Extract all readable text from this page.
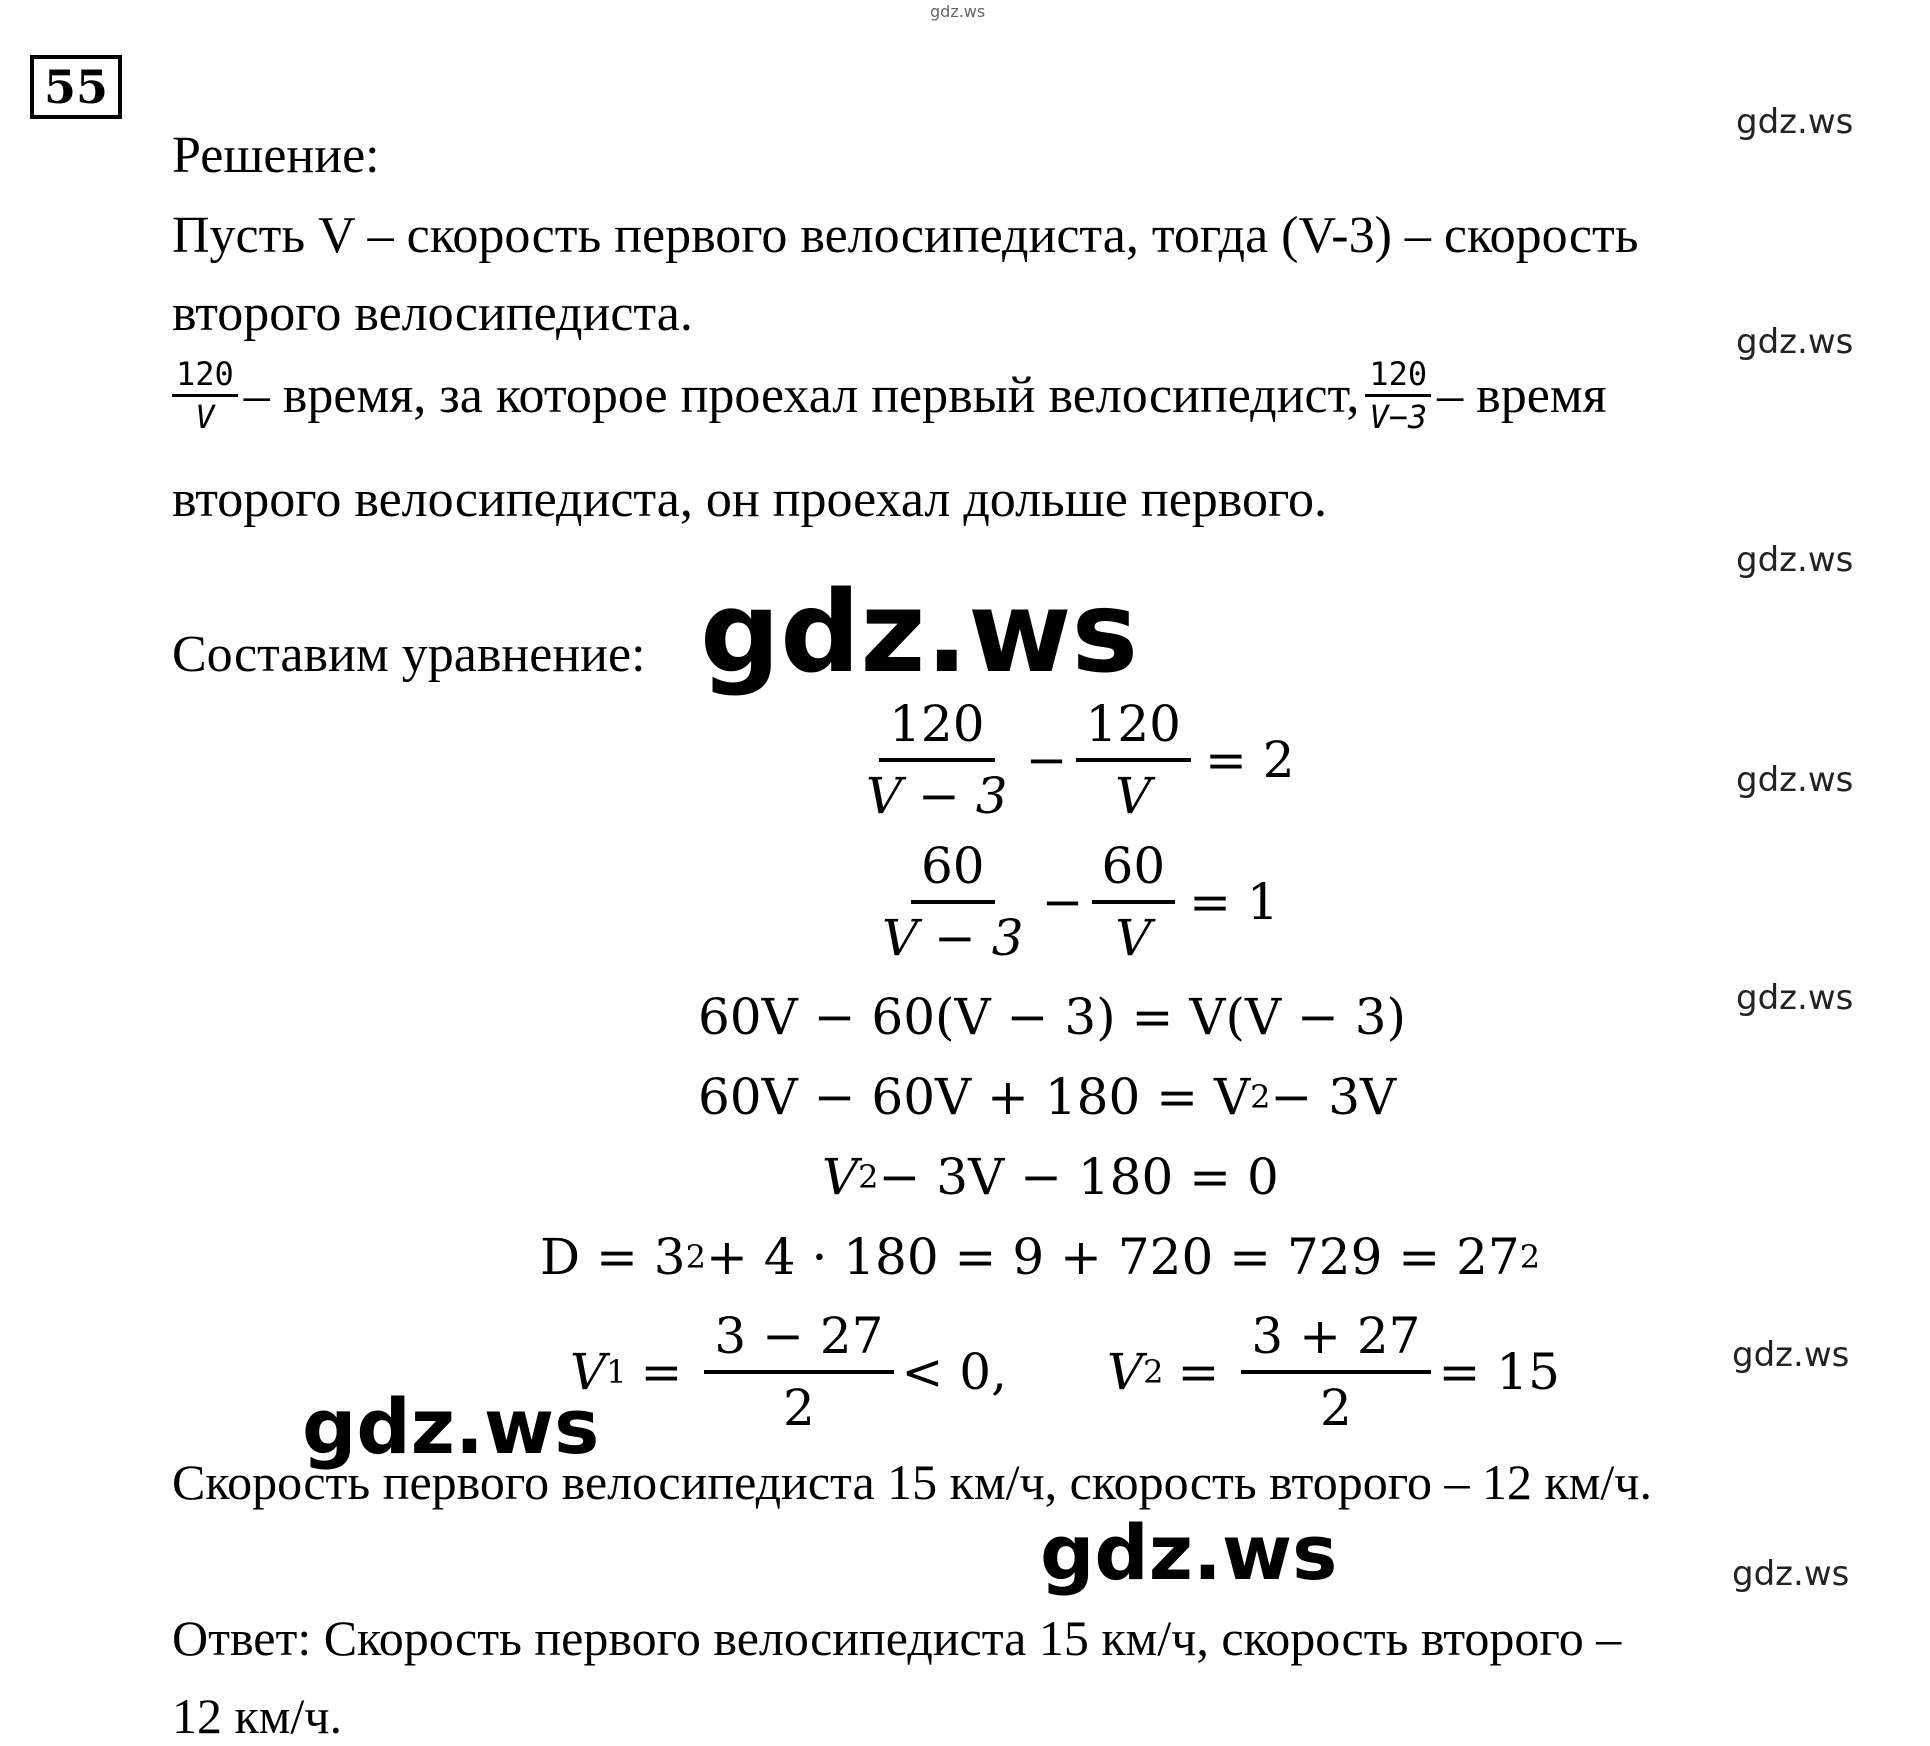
gdz.ws
55
gdz.ws
gdz.ws
gdz.ws
gdz.ws
gdz.ws
gdz.ws
gdz.ws
Решение:
Пусть V – скорость первого велосипедиста, тогда (V-3) – скорость
второго велосипедиста.
$\frac{120}{V}$ – время, за которое проехал первый велосипедист, $\frac{120}{V-3}$ – время
второго велосипедиста, он проехал дольше первого.
Составим уравнение: gdz.ws
$\frac{120}{V - 3} - \frac{120}{V} = 2$
$\frac{60}{V - 3} - \frac{60}{V} = 1$
60V − 60(V − 3) = V(V − 3)
60V − 60V + 180 = V 2 − 3V
V 2 − 3V − 180 = 0
D = 3 2 + 4 · 180 = 9 + 720 = 729 = 27 2
V $1 = \frac{3 - 27}{2} < 0$, V $2 = \frac{3 + 27}{2} = 15$
gdz.ws
Скорость первого велосипедиста 15 км/ч, скорость второго – 12 км/ч.
gdz.ws
Ответ: Скорость первого велосипедиста 15 км/ч, скорость второго –
12 км/ч.
